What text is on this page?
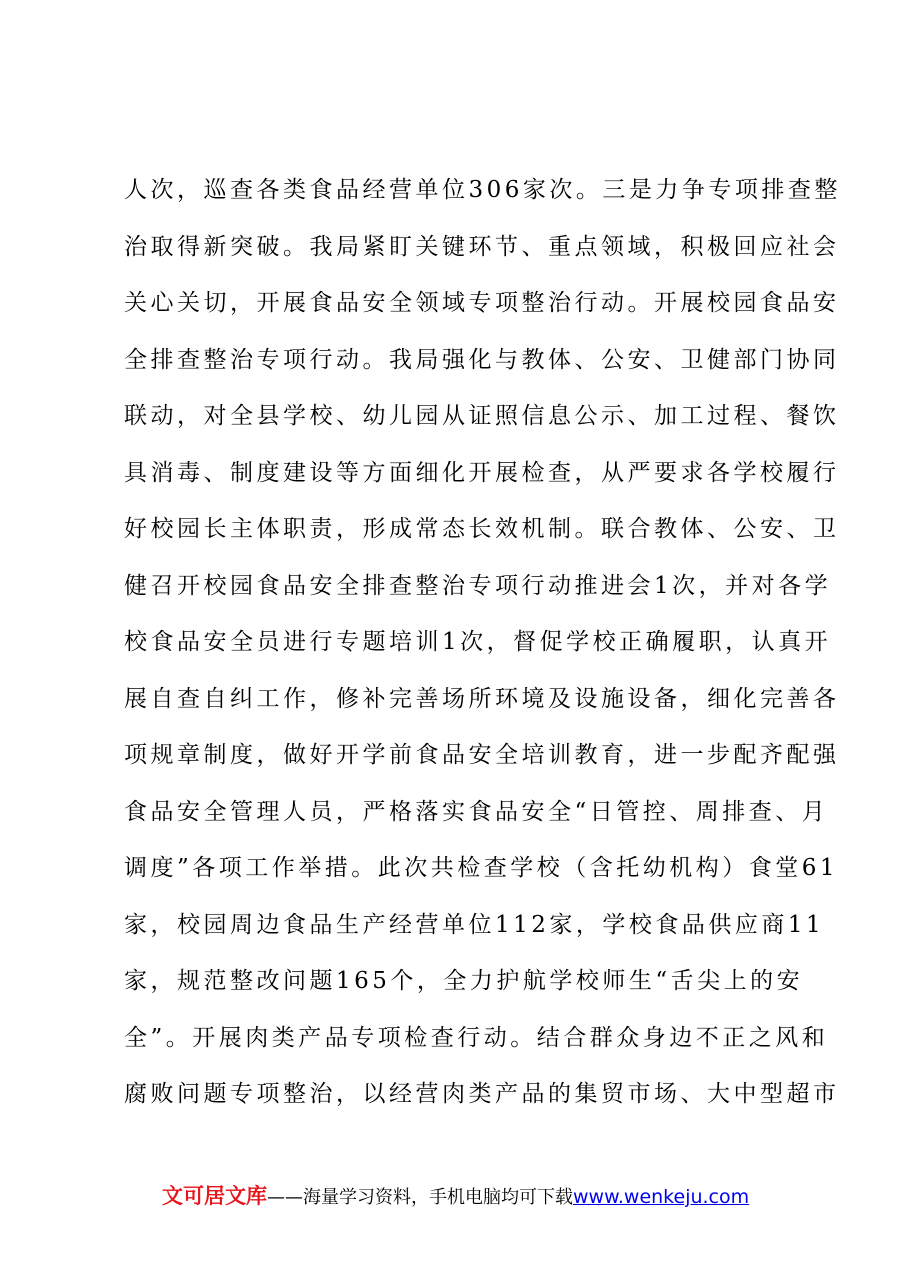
人次，巡查各类食品经营单位306家次。三是力争专项排查整
治取得新突破。我局紧盯关键环节、重点领域，积极回应社会
关心关切，开展食品安全领域专项整治行动。开展校园食品安
全排查整治专项行动。我局强化与教体、公安、卫健部门协同
联动，对全县学校、幼儿园从证照信息公示、加工过程、餐饮
具消毒、制度建设等方面细化开展检查，从严要求各学校履行
好校园长主体职责，形成常态长效机制。联合教体、公安、卫
健召开校园食品安全排查整治专项行动推进会1次，并对各学
校食品安全员进行专题培训1次，督促学校正确履职，认真开
展自查自纠工作，修补完善场所环境及设施设备，细化完善各
项规章制度，做好开学前食品安全培训教育，进一步配齐配强
食品安全管理人员，严格落实食品安全“日管控、周排查、月
调度”各项工作举措。此次共检查学校（含托幼机构）食堂61
家，校园周边食品生产经营单位112家，学校食品供应商11
家，规范整改问题165个，全力护航学校师生“舌尖上的安
全”。开展肉类产品专项检查行动。结合群众身边不正之风和
腐败问题专项整治，以经营肉类产品的集贸市场、大中型超市
文可居文库——海量学习资料，手机电脑均可下载www.wenkeju.com
